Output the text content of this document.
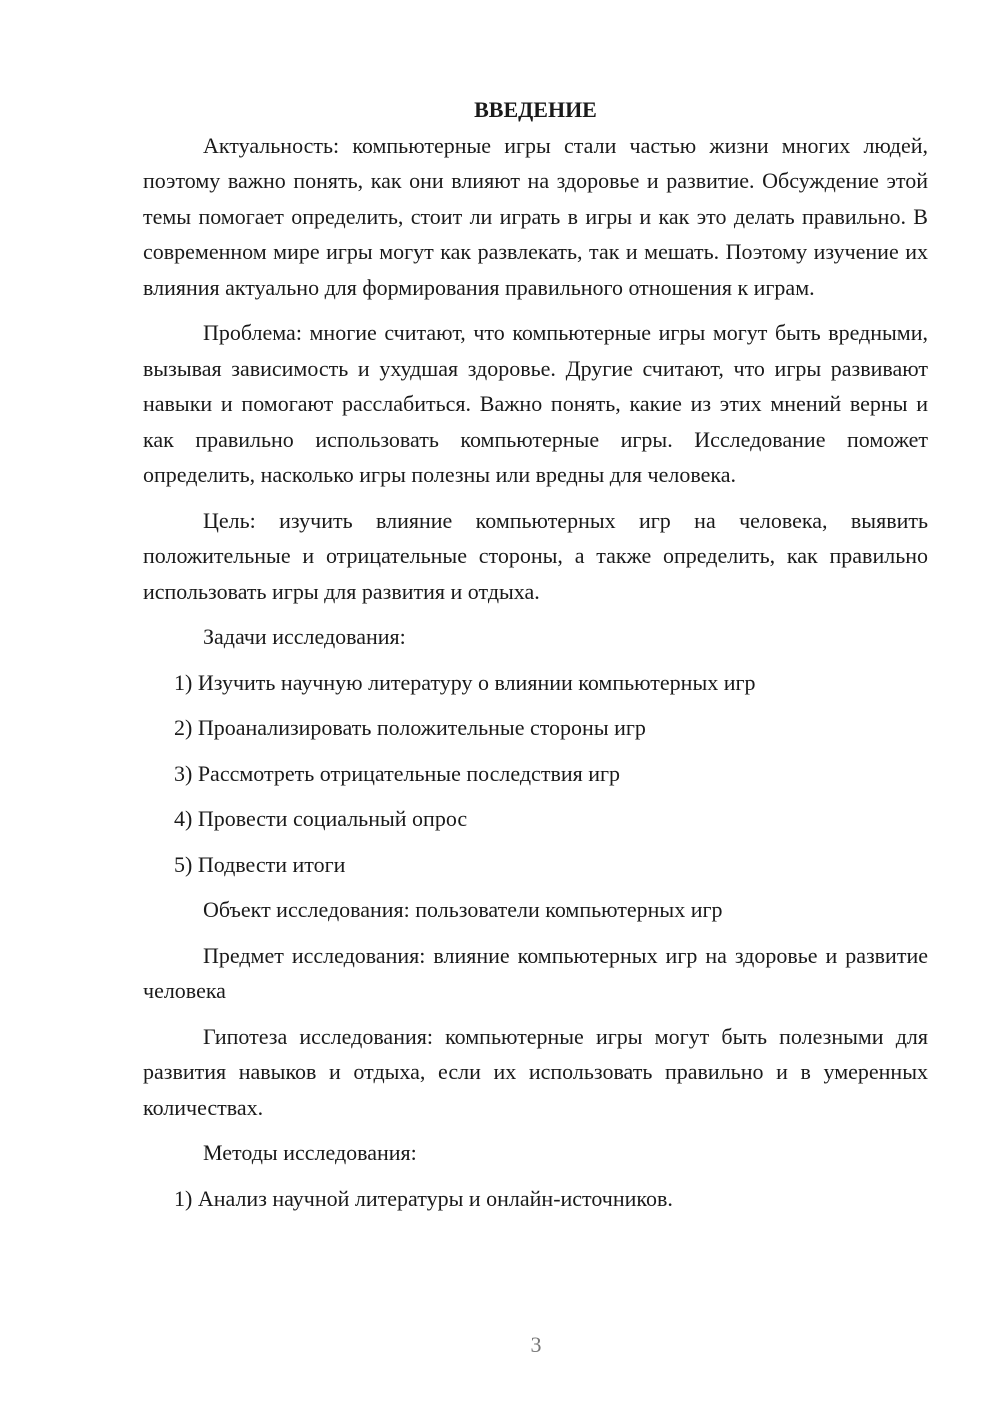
ВВЕДЕНИЕ

Актуальность: компьютерные игры стали частью жизни многих людей, поэтому важно понять, как они влияют на здоровье и развитие. Обсуждение этой темы помогает определить, стоит ли играть в игры и как это делать правильно. В современном мире игры могут как развлекать, так и мешать. Поэтому изучение их влияния актуально для формирования правильного отношения к играм.

Проблема: многие считают, что компьютерные игры могут быть вредными, вызывая зависимость и ухудшая здоровье. Другие считают, что игры развивают навыки и помогают расслабиться. Важно понять, какие из этих мнений верны и как правильно использовать компьютерные игры. Исследование поможет определить, насколько игры полезны или вредны для человека.

Цель: изучить влияние компьютерных игр на человека, выявить положительные и отрицательные стороны, а также определить, как правильно использовать игры для развития и отдыха.

Задачи исследования:

1) Изучить научную литературу о влиянии компьютерных игр
2) Проанализировать положительные стороны игр
3) Рассмотреть отрицательные последствия игр
4) Провести социальный опрос
5) Подвести итоги

Объект исследования: пользователи компьютерных игр

Предмет исследования: влияние компьютерных игр на здоровье и развитие человека

Гипотеза исследования: компьютерные игры могут быть полезными для развития навыков и отдыха, если их использовать правильно и в умеренных количествах.

Методы исследования:

1) Анализ научной литературы и онлайн-источников.
3
